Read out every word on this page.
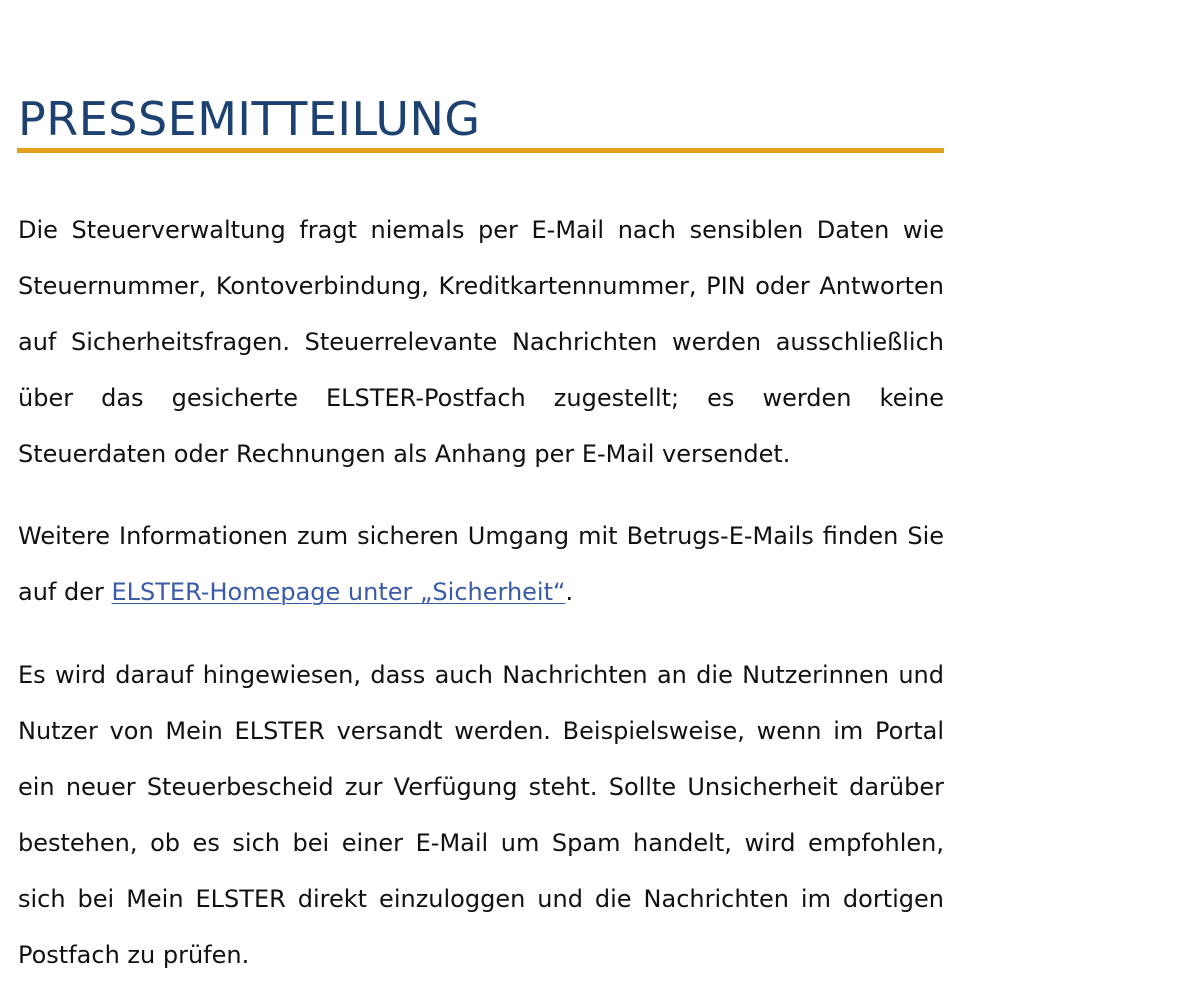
PRESSEMITTEILUNG

Die Steuerverwaltung fragt niemals per E-Mail nach sensiblen Daten wie Steuernummer, Kontoverbindung, Kreditkartennummer, PIN oder Antworten auf Sicherheitsfragen. Steuerrelevante Nachrichten werden ausschließlich über das gesicherte ELSTER-Postfach zugestellt; es werden keine Steuerdaten oder Rechnungen als Anhang per E-Mail versendet.

Weitere Informationen zum sicheren Umgang mit Betrugs-E-Mails finden Sie auf der ELSTER-Homepage unter „Sicherheit“.

Es wird darauf hingewiesen, dass auch Nachrichten an die Nutzerinnen und Nutzer von Mein ELSTER versandt werden. Beispielsweise, wenn im Portal ein neuer Steuerbescheid zur Verfügung steht. Sollte Unsicherheit darüber bestehen, ob es sich bei einer E-Mail um Spam handelt, wird empfohlen, sich bei Mein ELSTER direkt einzuloggen und die Nachrichten im dortigen Postfach zu prüfen.
